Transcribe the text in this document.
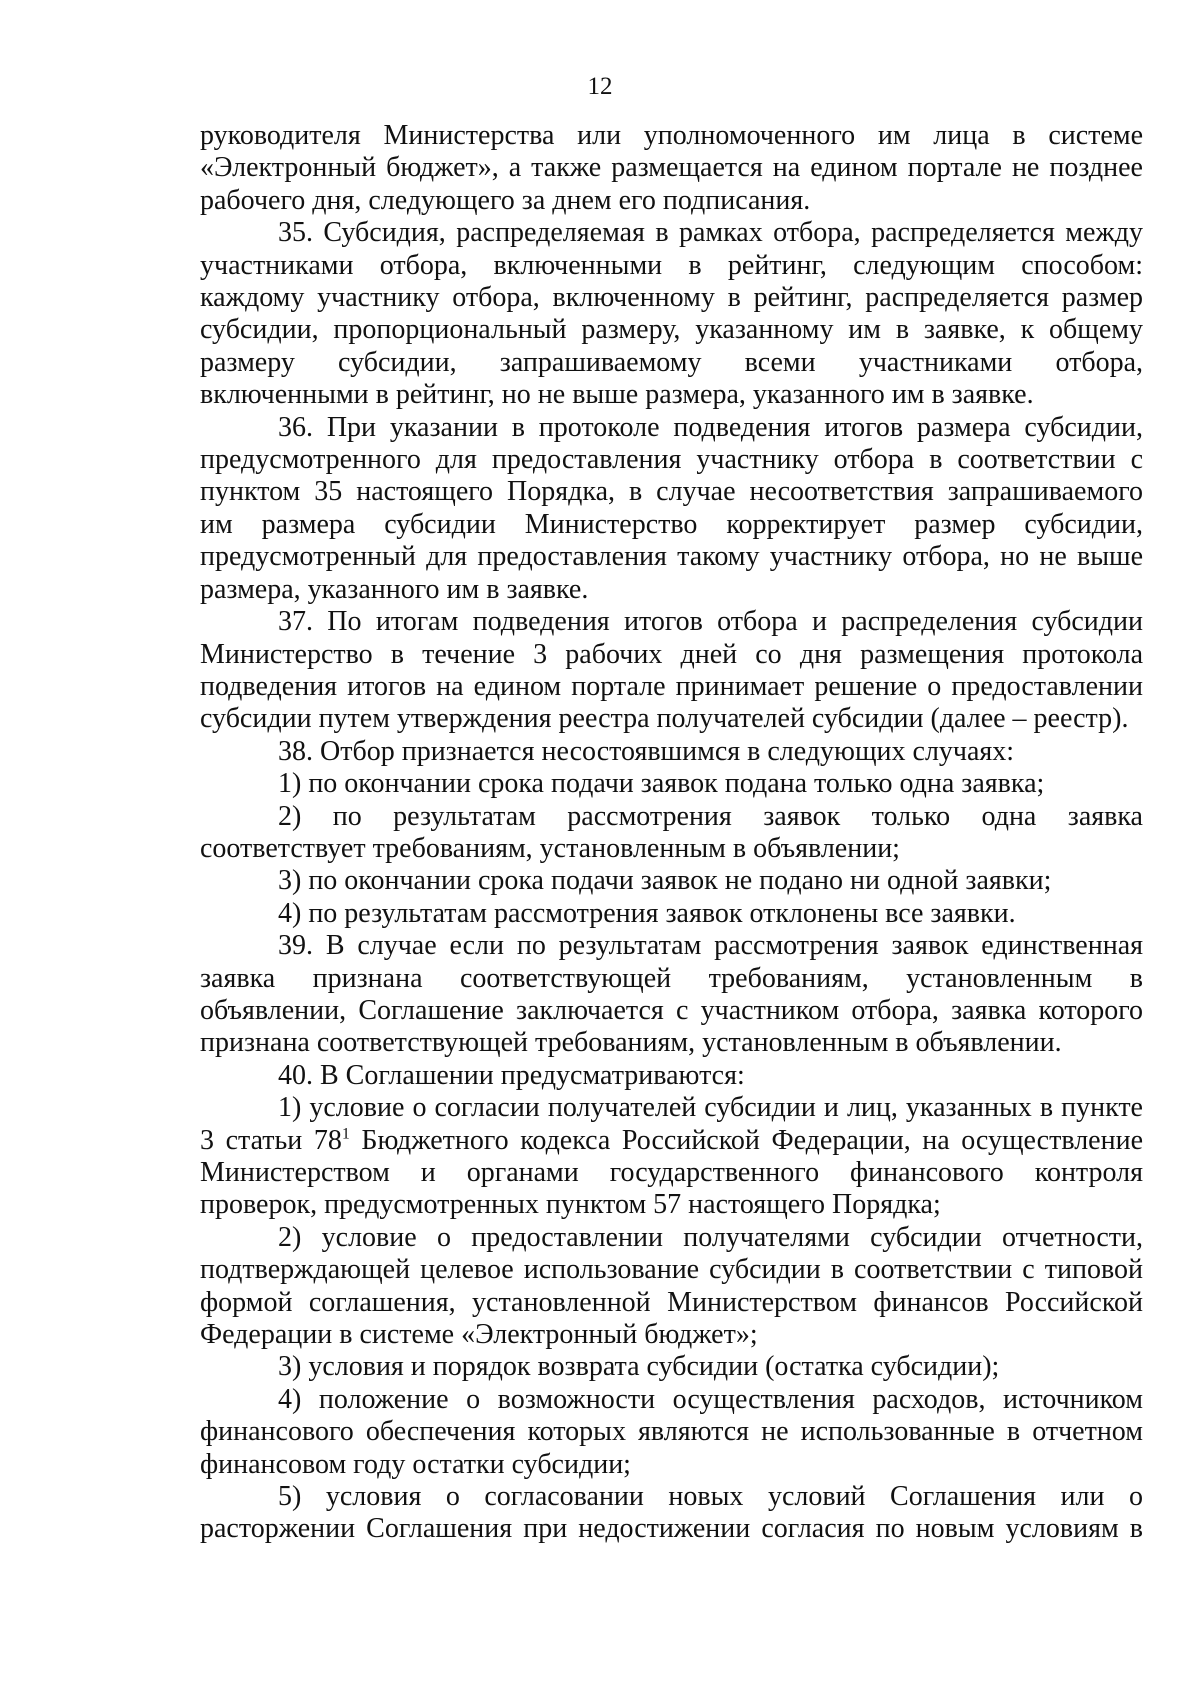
12
руководителя Министерства или уполномоченного им лица в системе
«Электронный бюджет», а также размещается на едином портале не позднее
рабочего дня, следующего за днем его подписания.
35. Субсидия, распределяемая в рамках отбора, распределяется между
участниками отбора, включенными в рейтинг, следующим способом:
каждому участнику отбора, включенному в рейтинг, распределяется размер
субсидии, пропорциональный размеру, указанному им в заявке, к общему
размеру субсидии, запрашиваемому всеми участниками отбора,
включенными в рейтинг, но не выше размера, указанного им в заявке.
36. При указании в протоколе подведения итогов размера субсидии,
предусмотренного для предоставления участнику отбора в соответствии с
пунктом 35 настоящего Порядка, в случае несоответствия запрашиваемого
им размера субсидии Министерство корректирует размер субсидии,
предусмотренный для предоставления такому участнику отбора, но не выше
размера, указанного им в заявке.
37. По итогам подведения итогов отбора и распределения субсидии
Министерство в течение 3 рабочих дней со дня размещения протокола
подведения итогов на едином портале принимает решение о предоставлении
субсидии путем утверждения реестра получателей субсидии (далее – реестр).
38. Отбор признается несостоявшимся в следующих случаях:
1) по окончании срока подачи заявок подана только одна заявка;
2) по результатам рассмотрения заявок только одна заявка
соответствует требованиям, установленным в объявлении;
3) по окончании срока подачи заявок не подано ни одной заявки;
4) по результатам рассмотрения заявок отклонены все заявки.
39. В случае если по результатам рассмотрения заявок единственная
заявка признана соответствующей требованиям, установленным в
объявлении, Соглашение заключается с участником отбора, заявка которого
признана соответствующей требованиям, установленным в объявлении.
40. В Соглашении предусматриваются:
1) условие о согласии получателей субсидии и лиц, указанных в пункте
3 статьи $78^1$ Бюджетного кодекса Российской Федерации, на осуществление
Министерством и органами государственного финансового контроля
проверок, предусмотренных пунктом 57 настоящего Порядка;
2) условие о предоставлении получателями субсидии отчетности,
подтверждающей целевое использование субсидии в соответствии с типовой
формой соглашения, установленной Министерством финансов Российской
Федерации в системе «Электронный бюджет»;
3) условия и порядок возврата субсидии (остатка субсидии);
4) положение о возможности осуществления расходов, источником
финансового обеспечения которых являются не использованные в отчетном
финансовом году остатки субсидии;
5) условия о согласовании новых условий Соглашения или о
расторжении Соглашения при недостижении согласия по новым условиям в
